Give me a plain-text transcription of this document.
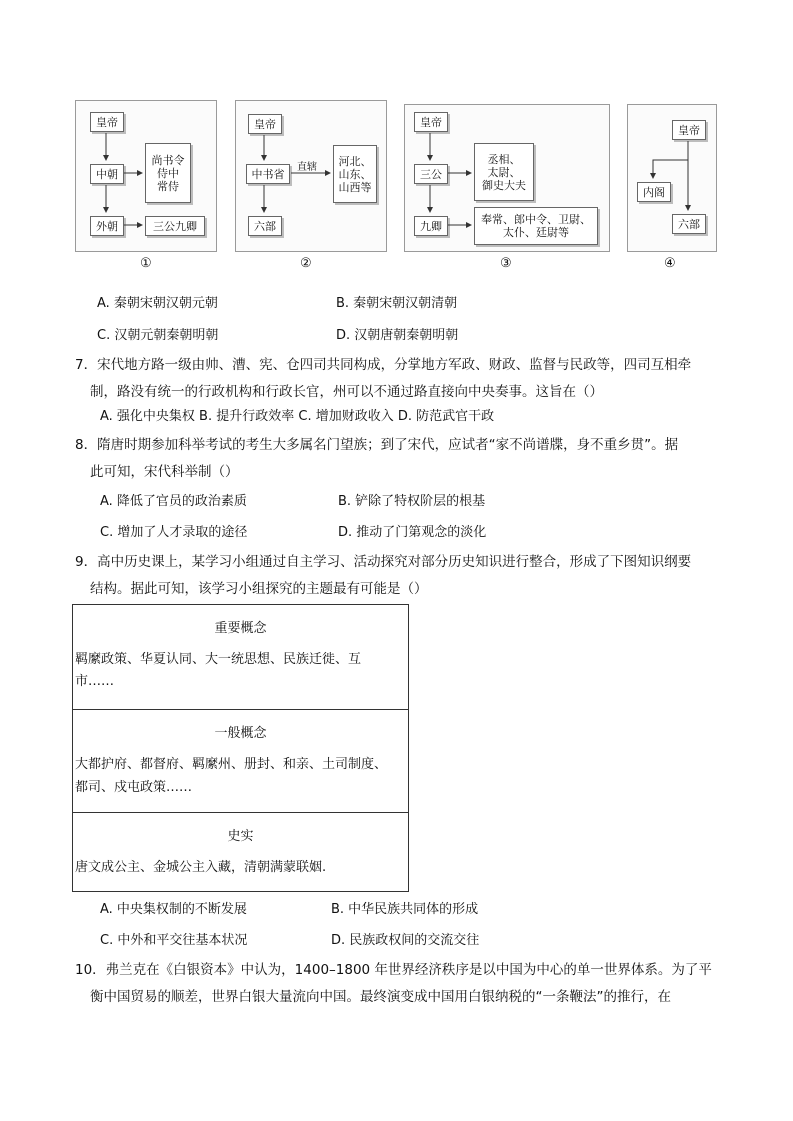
皇帝
中朝
尚书令
侍中
常侍
外朝	三公九卿
①
皇帝
中书省	直辖	河北、
山东、
山西等
六部
②
皇帝
三公
丞相、
太尉、
御史大夫
九卿	奉常、郎中令、卫尉、
太仆、廷尉等
③
皇帝
内阁
六部
④
A. 秦朝宋朝汉朝元朝	B. 秦朝宋朝汉朝清朝
C. 汉朝元朝秦朝明朝	D. 汉朝唐朝秦朝明朝
7．宋代地方路一级由帅、漕、宪、仓四司共同构成，分掌地方军政、财政、监督与民政等，四司互相牵
制，路没有统一的行政机构和行政长官，州可以不通过路直接向中央奏事。这旨在（）
A. 强化中央集权 B. 提升行政效率 C. 增加财政收入 D. 防范武官干政
8．隋唐时期参加科举考试的考生大多属名门望族；到了宋代，应试者“家不尚谱牒，身不重乡贯”。据
此可知，宋代科举制（）
A. 降低了官员的政治素质	B. 铲除了特权阶层的根基
C. 增加了人才录取的途径	D. 推动了门第观念的淡化
9．高中历史课上，某学习小组通过自主学习、活动探究对部分历史知识进行整合，形成了下图知识纲要
结构。据此可知，该学习小组探究的主题最有可能是（）
重要概念
羁縻政策、华夏认同、大一统思想、民族迁徙、互
市……

一般概念
大都护府、都督府、羁縻州、册封、和亲、土司制度、
都司、戍屯政策……

史实
唐文成公主、金城公主入藏，清朝满蒙联姻.
A. 中央集权制的不断发展	B. 中华民族共同体的形成
C. 中外和平交往基本状况	D. 民族政权间的交流交往
10．弗兰克在《白银资本》中认为，1400–1800 年世界经济秩序是以中国为中心的单一世界体系。为了平
衡中国贸易的顺差，世界白银大量流向中国。最终演变成中国用白银纳税的“一条鞭法”的推行，在
